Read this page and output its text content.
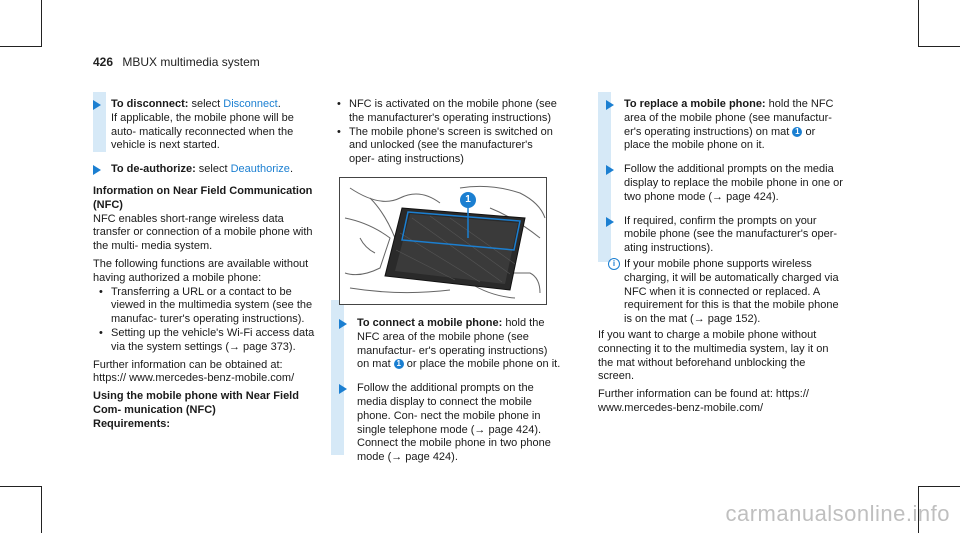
426 MBUX multimedia system

To disconnect: select Disconnect.

If applicable, the mobile phone will be auto- matically reconnected when the vehicle is next started.

To de-authorize: select Deauthorize.

Information on Near Field Communication (NFC)

NFC enables short-range wireless data transfer or connection of a mobile phone with the multi- media system.

The following functions are available without having authorized a mobile phone:

• Transferring a URL or a contact to be viewed in the multimedia system (see the manufac- turer's operating instructions).
• Setting up the vehicle's Wi-Fi access data via the system settings (→ page 373).

Further information can be obtained at: https:// www.mercedes-benz-mobile.com/

Using the mobile phone with Near Field Com- munication (NFC)
Requirements:
• NFC is activated on the mobile phone (see the manufacturer's operating instructions)
• The mobile phone's screen is switched on and unlocked (see the manufacturer's oper- ating instructions)
1

To connect a mobile phone: hold the NFC area of the mobile phone (see manufactur- er's operating instructions) on mat 1 or place the mobile phone on it.

Follow the additional prompts on the media display to connect the mobile phone. Con- nect the mobile phone in single telephone mode (→ page 424). Connect the mobile phone in two phone mode (→ page 424).

To replace a mobile phone: hold the NFC area of the mobile phone (see manufactur- er's operating instructions) on mat 1 or place the mobile phone on it.

Follow the additional prompts on the media display to replace the mobile phone in one or two phone mode (→ page 424).

If required, confirm the prompts on your mobile phone (see the manufacturer's oper- ating instructions).

i If your mobile phone supports wireless charging, it will be automatically charged via NFC when it is connected or replaced. A requirement for this is that the mobile phone is on the mat (→ page 152).

If you want to charge a mobile phone without connecting it to the multimedia system, lay it on the mat without beforehand unblocking the screen.

Further information can be found at: https:// www.mercedes-benz-mobile.com/

carmanualsonline.info
